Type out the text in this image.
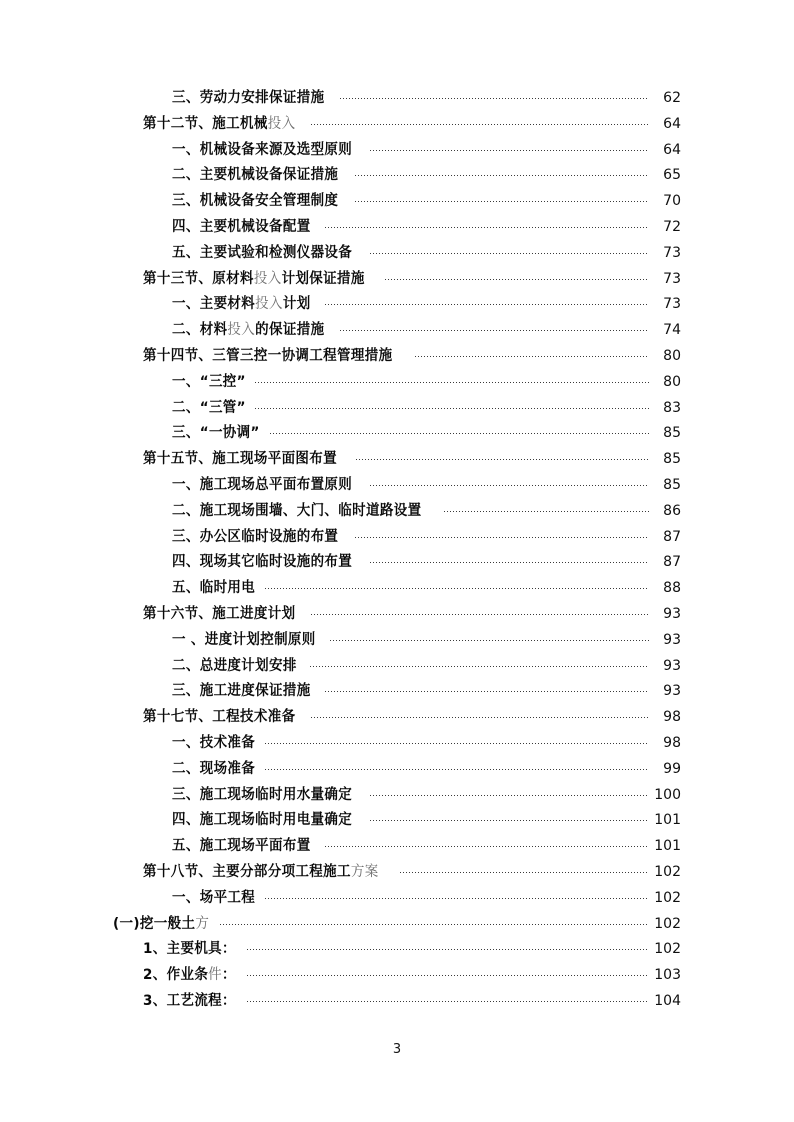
三、劳动力安排保证措施	62
第十二节、施工机械投入	64
一、机械设备来源及选型原则	64
二、主要机械设备保证措施	65
三、机械设备安全管理制度	70
四、主要机械设备配置	72
五、主要试验和检测仪器设备	73
第十三节、原材料投入计划保证措施	73
一、主要材料投入计划	73
二、材料投入的保证措施	74
第十四节、三管三控一协调工程管理措施	80
一、“三控”	80
二、“三管”	83
三、“一协调”	85
第十五节、施工现场平面图布置	85
一、施工现场总平面布置原则	85
二、施工现场围墙、大门、临时道路设置	86
三、办公区临时设施的布置	87
四、现场其它临时设施的布置	87
五、临时用电	88
第十六节、施工进度计划	93
一 、进度计划控制原则	93
二、总进度计划安排	93
三、施工进度保证措施	93
第十七节、工程技术准备	98
一、技术准备	98
二、现场准备	99
三、施工现场临时用水量确定	100
四、施工现场临时用电量确定	101
五、施工现场平面布置	101
第十八节、主要分部分项工程施工方案	102
一、场平工程	102
(一)挖一般土方	102
1、主要机具：	102
2、作业条件：	103
3、工艺流程：	104
3
